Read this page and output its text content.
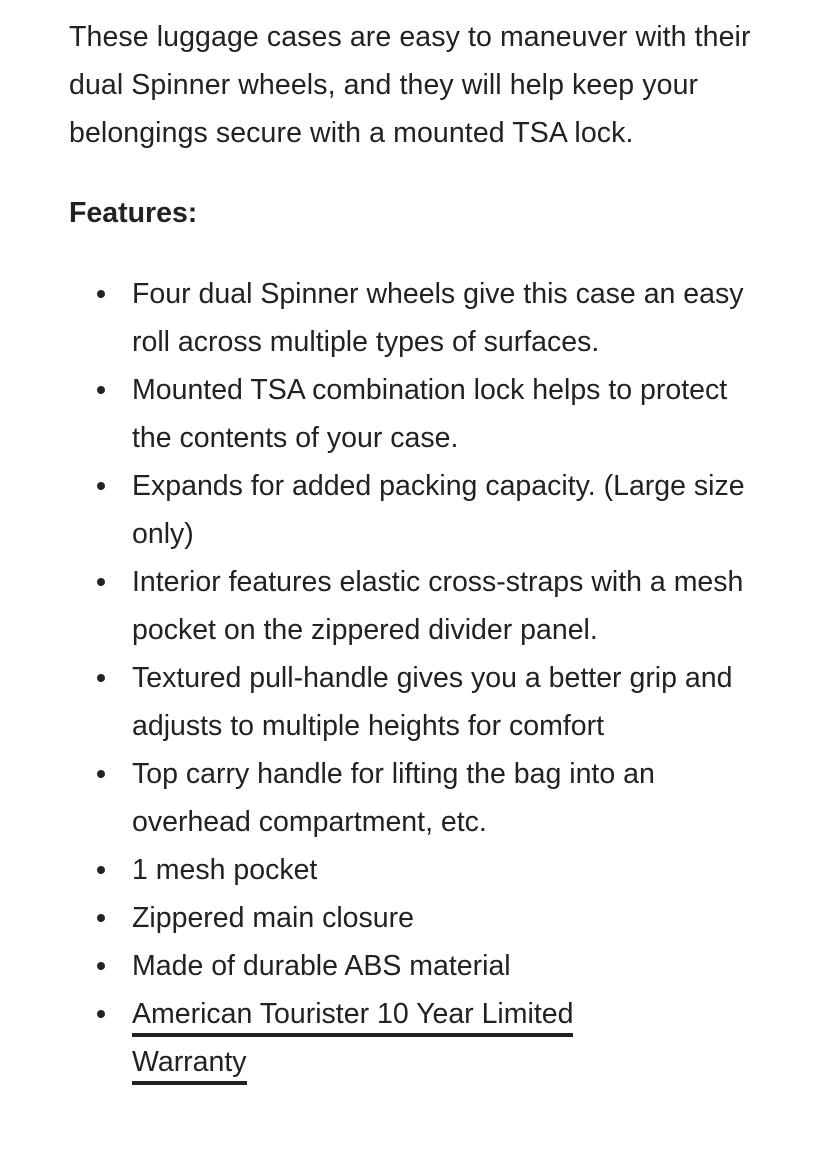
These luggage cases are easy to maneuver with their dual Spinner wheels, and they will help keep your belongings secure with a mounted TSA lock.

Features:

Four dual Spinner wheels give this case an easy roll across multiple types of surfaces.
Mounted TSA combination lock helps to protect the contents of your case.
Expands for added packing capacity. (Large size only)
Interior features elastic cross-straps with a mesh pocket on the zippered divider panel.
Textured pull-handle gives you a better grip and adjusts to multiple heights for comfort
Top carry handle for lifting the bag into an overhead compartment, etc.
1 mesh pocket
Zippered main closure
Made of durable ABS material
American Tourister 10 Year Limited
Warranty
